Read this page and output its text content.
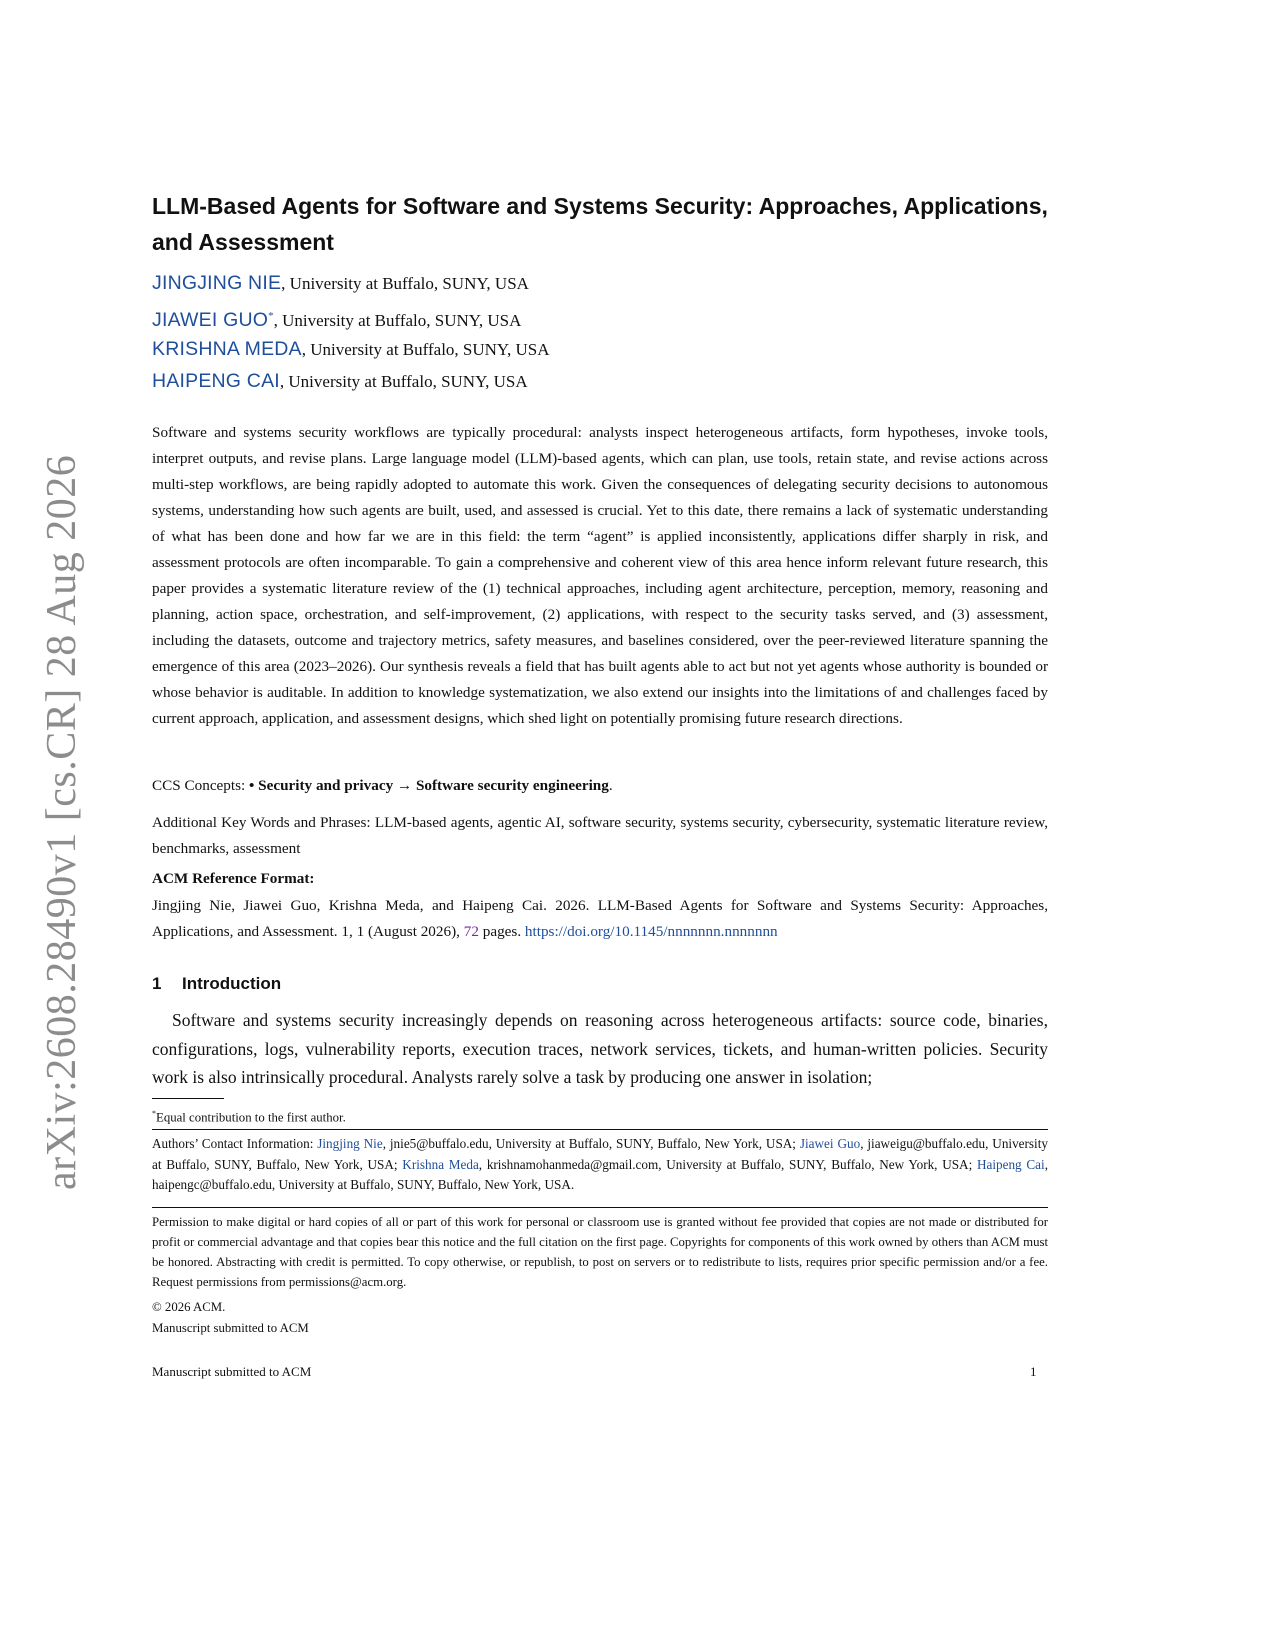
arXiv:2608.28490v1 [cs.CR] 28 Aug 2026
LLM-Based Agents for Software and Systems Security: Approaches, Applications, and Assessment
JINGJING NIE, University at Buffalo, SUNY, USA
JIAWEI GUO*, University at Buffalo, SUNY, USA
KRISHNA MEDA, University at Buffalo, SUNY, USA
HAIPENG CAI, University at Buffalo, SUNY, USA

Software and systems security workflows are typically procedural: analysts inspect heterogeneous artifacts, form hypotheses, invoke tools, interpret outputs, and revise plans. Large language model (LLM)-based agents, which can plan, use tools, retain state, and revise actions across multi-step workflows, are being rapidly adopted to automate this work. Given the consequences of delegating security decisions to autonomous systems, understanding how such agents are built, used, and assessed is crucial. Yet to this date, there remains a lack of systematic understanding of what has been done and how far we are in this field: the term “agent” is applied inconsistently, applications differ sharply in risk, and assessment protocols are often incomparable. To gain a comprehensive and coherent view of this area hence inform relevant future research, this paper provides a systematic literature review of the (1) technical approaches, including agent architecture, perception, memory, reasoning and planning, action space, orchestration, and self-improvement, (2) applications, with respect to the security tasks served, and (3) assessment, including the datasets, outcome and trajectory metrics, safety measures, and baselines considered, over the peer-reviewed literature spanning the emergence of this area (2023–2026). Our synthesis reveals a field that has built agents able to act but not yet agents whose authority is bounded or whose behavior is auditable. In addition to knowledge systematization, we also extend our insights into the limitations of and challenges faced by current approach, application, and assessment designs, which shed light on potentially promising future research directions.

CCS Concepts: • Security and privacy → Software security engineering.

Additional Key Words and Phrases: LLM-based agents, agentic AI, software security, systems security, cybersecurity, systematic literature review, benchmarks, assessment

ACM Reference Format:

Jingjing Nie, Jiawei Guo, Krishna Meda, and Haipeng Cai. 2026. LLM-Based Agents for Software and Systems Security: Approaches, Applications, and Assessment. 1, 1 (August 2026), 72 pages. https://doi.org/10.1145/nnnnnnn.nnnnnnn

1 Introduction

Software and systems security increasingly depends on reasoning across heterogeneous artifacts: source code, binaries, configurations, logs, vulnerability reports, execution traces, network services, tickets, and human-written policies. Security work is also intrinsically procedural. Analysts rarely solve a task by producing one answer in isolation;

*Equal contribution to the first author.

Authors’ Contact Information: Jingjing Nie, jnie5@buffalo.edu, University at Buffalo, SUNY, Buffalo, New York, USA; Jiawei Guo, jiaweigu@buffalo.edu, University at Buffalo, SUNY, Buffalo, New York, USA; Krishna Meda, krishnamohanmeda@gmail.com, University at Buffalo, SUNY, Buffalo, New York, USA; Haipeng Cai, haipengc@buffalo.edu, University at Buffalo, SUNY, Buffalo, New York, USA.

Permission to make digital or hard copies of all or part of this work for personal or classroom use is granted without fee provided that copies are not made or distributed for profit or commercial advantage and that copies bear this notice and the full citation on the first page. Copyrights for components of this work owned by others than ACM must be honored. Abstracting with credit is permitted. To copy otherwise, or republish, to post on servers or to redistribute to lists, requires prior specific permission and/or a fee. Request permissions from permissions@acm.org.

© 2026 ACM.
Manuscript submitted to ACM
Manuscript submitted to ACM	1
